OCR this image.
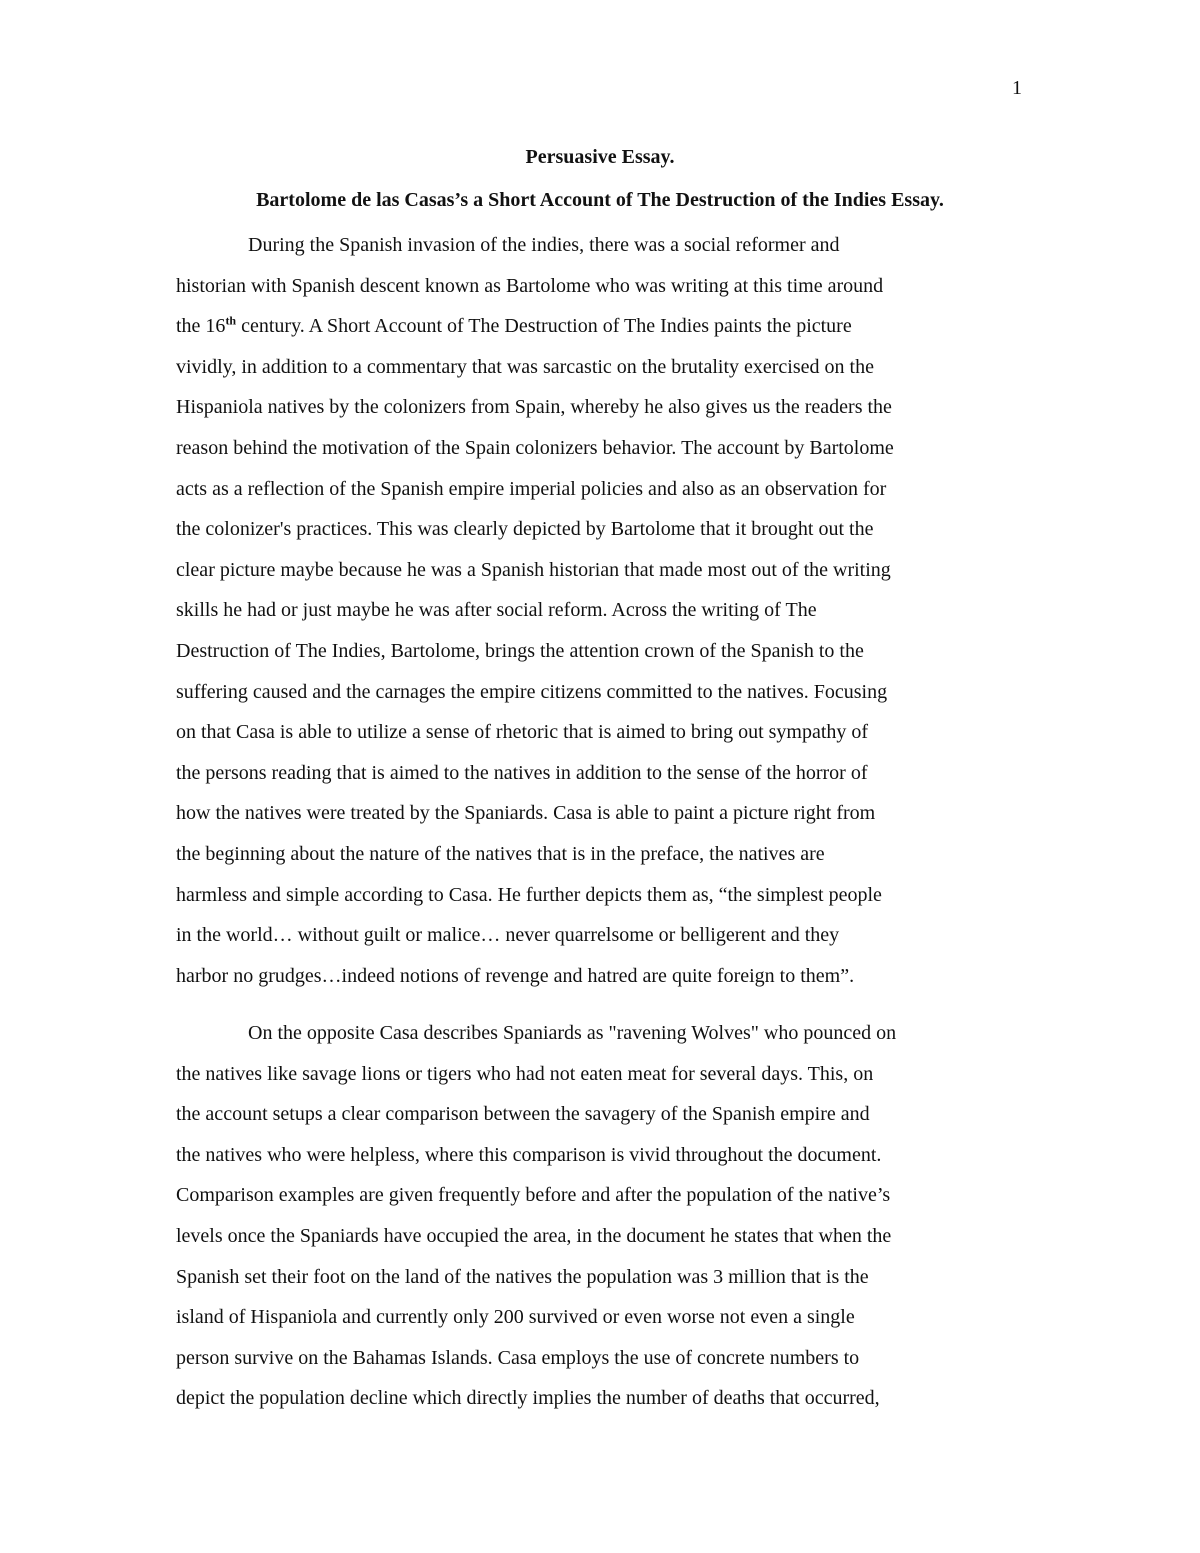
1
Persuasive Essay.
Bartolome de las Casas’s a Short Account of The Destruction of the Indies Essay.
During the Spanish invasion of the indies, there was a social reformer and
historian with Spanish descent known as Bartolome who was writing at this time around
the 16th century. A Short Account of The Destruction of The Indies paints the picture
vividly, in addition to a commentary that was sarcastic on the brutality exercised on the
Hispaniola natives by the colonizers from Spain, whereby he also gives us the readers the
reason behind the motivation of the Spain colonizers behavior. The account by Bartolome
acts as a reflection of the Spanish empire imperial policies and also as an observation for
the colonizer's practices. This was clearly depicted by Bartolome that it brought out the
clear picture maybe because he was a Spanish historian that made most out of the writing
skills he had or just maybe he was after social reform. Across the writing of The
Destruction of The Indies, Bartolome, brings the attention crown of the Spanish to the
suffering caused and the carnages the empire citizens committed to the natives. Focusing
on that Casa is able to utilize a sense of rhetoric that is aimed to bring out sympathy of
the persons reading that is aimed to the natives in addition to the sense of the horror of
how the natives were treated by the Spaniards. Casa is able to paint a picture right from
the beginning about the nature of the natives that is in the preface, the natives are
harmless and simple according to Casa. He further depicts them as, “the simplest people
in the world… without guilt or malice… never quarrelsome or belligerent and they
harbor no grudges…indeed notions of revenge and hatred are quite foreign to them”.
On the opposite Casa describes Spaniards as "ravening Wolves" who pounced on
the natives like savage lions or tigers who had not eaten meat for several days. This, on
the account setups a clear comparison between the savagery of the Spanish empire and
the natives who were helpless, where this comparison is vivid throughout the document.
Comparison examples are given frequently before and after the population of the native’s
levels once the Spaniards have occupied the area, in the document he states that when the
Spanish set their foot on the land of the natives the population was 3 million that is the
island of Hispaniola and currently only 200 survived or even worse not even a single
person survive on the Bahamas Islands. Casa employs the use of concrete numbers to
depict the population decline which directly implies the number of deaths that occurred,
